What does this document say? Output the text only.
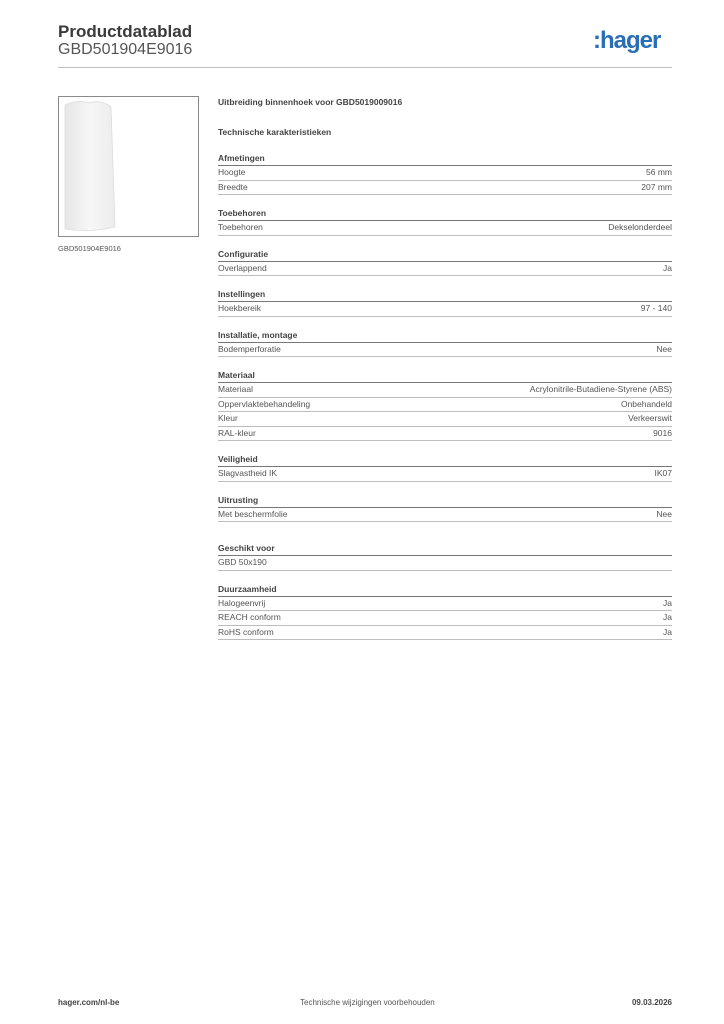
Productdatablad
GBD501904E9016	:hager
GBD501904E9016
Uitbreiding binnenhoek voor GBD5019009016
Technische karakteristieken
Afmetingen
Hoogte	56 mm
Breedte	207 mm
Toebehoren
Toebehoren	Dekselonderdeel
Configuratie
Overlappend	Ja
Instellingen
Hoekbereik	97 - 140
Installatie, montage
Bodemperforatie	Nee
Materiaal
Materiaal	Acrylonitrile-Butadiene-Styrene (ABS)
Oppervlaktebehandeling	Onbehandeld
Kleur	Verkeerswit
RAL-kleur	9016
Veiligheid
Slagvastheid IK	IK07
Uitrusting
Met beschermfolie	Nee
Geschikt voor
GBD 50x190
Duurzaamheid
Halogeenvrij	Ja
REACH conform	Ja
RoHS conform	Ja
hager.com/nl-be	Technische wijzigingen voorbehouden	09.03.2026
